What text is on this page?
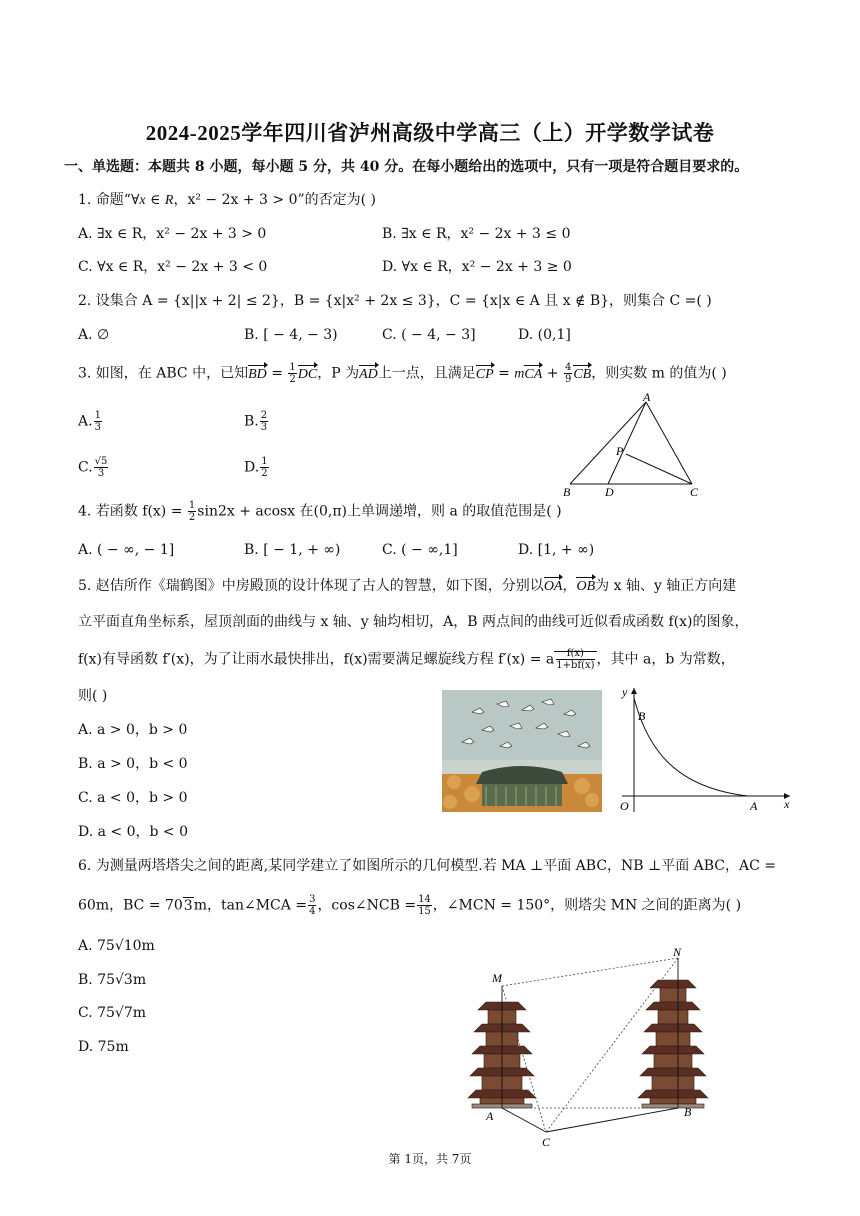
2024-2025学年四川省泸州高级中学高三（上）开学数学试卷
一、单选题：本题共 8 小题，每小题 5 分，共 40 分。在每小题给出的选项中，只有一项是符合题目要求的。
1. 命题“∀x ∈ R，x² − 2x + 3 > 0”的否定为( )
A. ∃x ∈ R，x² − 2x + 3 > 0	B. ∃x ∈ R，x² − 2x + 3 ≤ 0
C. ∀x ∈ R，x² − 2x + 3 < 0	D. ∀x ∈ R，x² − 2x + 3 ≥ 0
2. 设集合 A = {x||x + 2| ≤ 2}，B = {x|x² + 2x ≤ 3}，C = {x|x ∈ A 且 x ∉ B}，则集合 C =( )
A. ∅	B. [ − 4, − 3)	C. ( − 4, − 3]	D. (0,1]
3. 如图，在 ABC 中，已知BD = $\frac{1}{2}$ DC，P 为AD上一点，且满足CP = mCA + $\frac{4}{9}$ CB，则实数 m 的值为( )
A. $\frac{1}{3}$	B. $\frac{2}{3}$
C. $\frac{√5}{3}$	D. $\frac{1}{2}$
A
P
B	D	C
4. 若函数 $f(x) = \frac{1}{2} \sin 2x + acosx$ 在(0,π)上单调递增，则 a 的取值范围是( )
A. ( − ∞, − 1]	B. [ − 1, + ∞)	C. ( − ∞,1]	D. [1, + ∞)
5. 赵佶所作《瑞鹤图》中房殿顶的设计体现了古人的智慧，如下图，分别以OA，OB为 x 轴、y 轴正方向建
立平面直角坐标系，屋顶剖面的曲线与 x 轴、y 轴均相切，A，B 两点间的曲线可近似看成函数 f(x)的图象，
f(x)有导函数 f′(x)，为了让雨水最快排出，f(x)需要满足螺旋线方程 f′(x) = a $\frac{f(x)}{1+bf(x)}$ ，其中 a，b 为常数，
则( )
A. a > 0，b > 0
B. a > 0，b < 0
C. a < 0，b > 0
D. a < 0，b < 0
y
B
O	A x
6. 为测量两塔塔尖之间的距离,某同学建立了如图所示的几何模型.若 MA ⊥平面 ABC，NB ⊥平面 ABC，AC =
60m，BC = 703m，tan∠MCA = $\frac{3}{4}$ ，cos∠NCB = $\frac{14}{15}$ ，∠MCN = 150°，则塔尖 MN 之间的距离为( )
A. 75√10m
B. 75√3m
C. 75√7m
D. 75m
M
N
A
C
B
第 1页，共 7页
